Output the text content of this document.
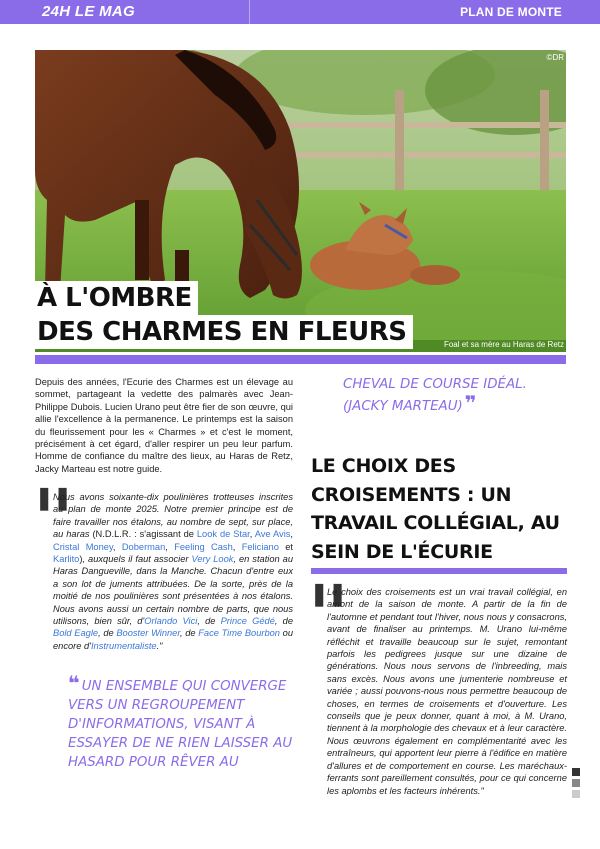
24H LE MAG	PLAN DE MONTE
©DR
Foal et sa mère au Haras de Retz
À L'OMBRE
DES CHARMES EN FLEURS

Depuis des années, l'Ecurie des Charmes est un élevage au sommet, partageant la vedette des palmarès avec Jean-Philippe Dubois. Lucien Urano peut être fier de son œuvre, qui allie l'excellence à la permanence. Le printemps est la saison du fleurissement pour les « Charmes » et c'est le moment, précisément à cet égard, d'aller respirer un peu leur parfum. Homme de confiance du maître des lieux, au Haras de Retz, Jacky Marteau est notre guide.

❚❚

Nous avons soixante-dix poulinières trotteuses inscrites au plan de monte 2025. Notre premier principe est de faire travailler nos étalons, au nombre de sept, sur place, au haras (N.D.L.R. : s'agissant de Look de Star, Ave Avis, Cristal Money, Doberman, Feeling Cash, Feliciano et Karlito), auxquels il faut associer Very Look, en station au Haras Dangueville, dans la Manche. Chacun d'entre eux a son lot de juments attribuées. De la sorte, près de la moitié de nos poulinières sont présentées à nos étalons. Nous avons aussi un certain nombre de parts, que nous utilisons, bien sûr, d'Orlando Vici, de Prince Gédé, de Bold Eagle, de Booster Winner, de Face Time Bourbon ou encore d'Instrumentaliste."

❝ UN ENSEMBLE QUI CONVERGE VERS UN REGROUPEMENT D'INFORMATIONS, VISANT À ESSAYER DE NE RIEN LAISSER AU HASARD POUR RÊVER AU

CHEVAL DE COURSE IDÉAL. (JACKY MARTEAU) ❞

LE CHOIX DES CROISEMENTS : UN TRAVAIL COLLÉGIAL, AU SEIN DE L'ÉCURIE
❚❚

Le choix des croisements est un vrai travail collégial, en amont de la saison de monte. A partir de la fin de l'automne et pendant tout l'hiver, nous nous y consacrons, avant de finaliser au printemps. M. Urano lui-même réfléchit et travaille beaucoup sur le sujet, remontant parfois les pedigrees jusque sur une dizaine de générations. Nous nous servons de l'inbreeding, mais sans excès. Nous avons une jumenterie nombreuse et variée ; aussi pouvons-nous nous permettre beaucoup de choses, en termes de croisements et d'ouverture. Les conseils que je peux donner, quant à moi, à M. Urano, tiennent à la morphologie des chevaux et à leur caractère. Nous œuvrons également en complémentarité avec les entraîneurs, qui apportent leur pierre à l'édifice en matière d'allures et de comportement en course. Les maréchaux-ferrants sont pareillement consultés, pour ce qui concerne les aplombs et les facteurs inhérents."
